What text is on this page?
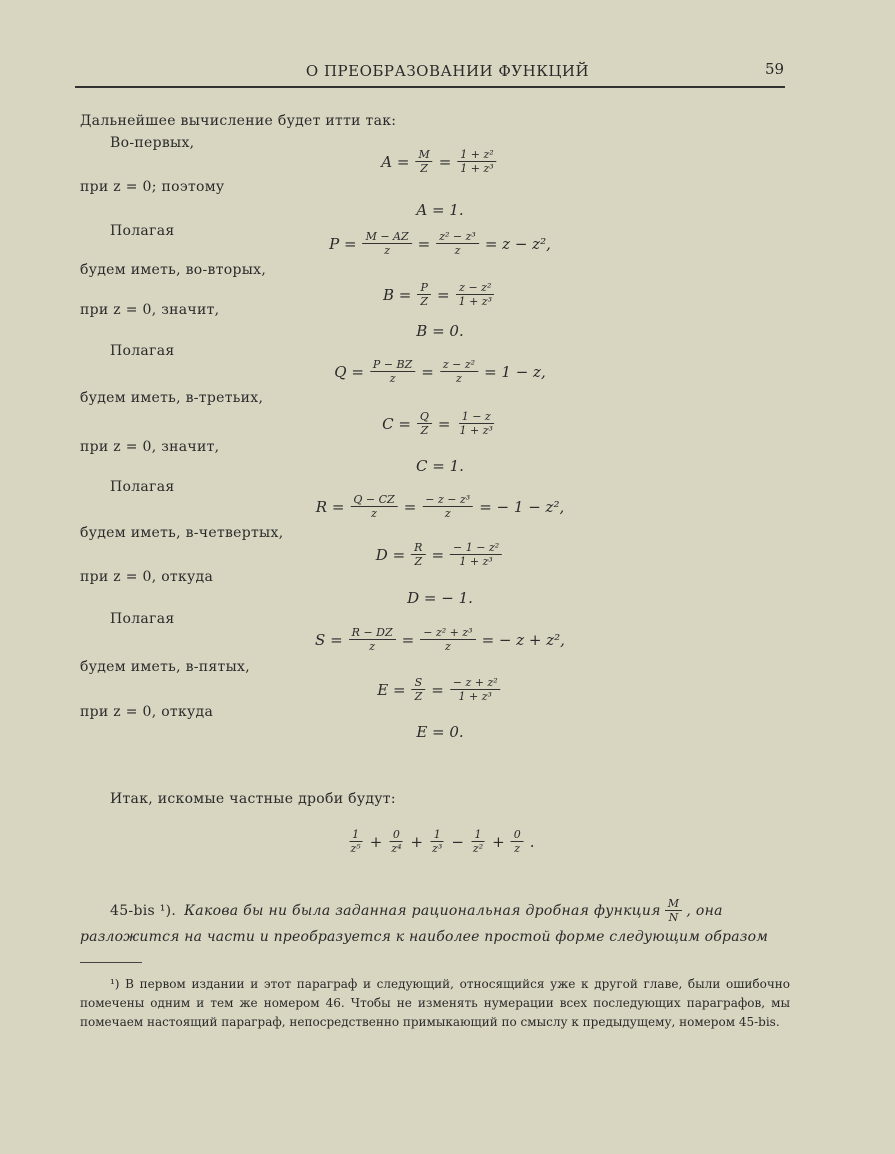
О ПРЕОБРАЗОВАНИИ ФУНКЦИЙ	59
Дальнейшее вычисление будет итти так:
Во-первых,
при z = 0; поэтому
Полагая
будем иметь, во-вторых,
при z = 0, значит,
Полагая
будем иметь, в-третьих,
при z = 0, значит,
Полагая
будем иметь, в-четвертых,
при z = 0, откуда
Полагая
будем иметь, в-пятых,
при z = 0, откуда
Итак, искомые частные дроби будут:
$A = \frac{M}{Z} = \frac{\text{1 + z²}}{\text{1 + z³}}$
A = 1.
$P = \frac{M - AZ}{z} = \frac{\text{z² − z³}}{z} = z - z^2$,
$B = \frac{P}{Z} = \frac{\text{z − z²}}{\text{1 + z³}}$
B = 0.
$Q = \frac{P - BZ}{z} = \frac{\text{z − z²}}{z} = 1 - z$,
$C = \frac{Q}{Z} = \frac{1 - z}{\text{1 + z³}}$
C = 1.
$R = \frac{Q - CZ}{z} = \frac{\text{− z − z³}}{z}$ = − 1 − z²,
$D = \frac{R}{Z} = \frac{\text{− 1 − z²}}{\text{1 + z³}}$
D = − 1.
$S = \frac{R - DZ}{z} = \frac{\text{− z² + z³}}{z}$ = − z + z²,
$E = \frac{S}{Z} = \frac{\text{− z + z²}}{\text{1 + z³}}$
E = 0.
$\frac{1}{\text{z⁵}} + \frac{0}{\text{z⁴}} + \frac{1}{\text{z³}} - \frac{1}{\text{z²}} + \frac{0}{z}$ .
45-bis ¹). Какова бы ни была заданная рациональная дробная функция $\frac{M}{N}$ , она
разложится на части и преобразуется к наиболее простой форме следующим образом
¹) В первом издании и этот параграф и следующий, относящийся уже к другой главе, были ошибочно помечены одним и тем же номером 46. Чтобы не изменять нумерации всех последующих параграфов, мы помечаем настоящий параграф, непосредственно примыкающий по смыслу к предыдущему, номером 45-bis.
